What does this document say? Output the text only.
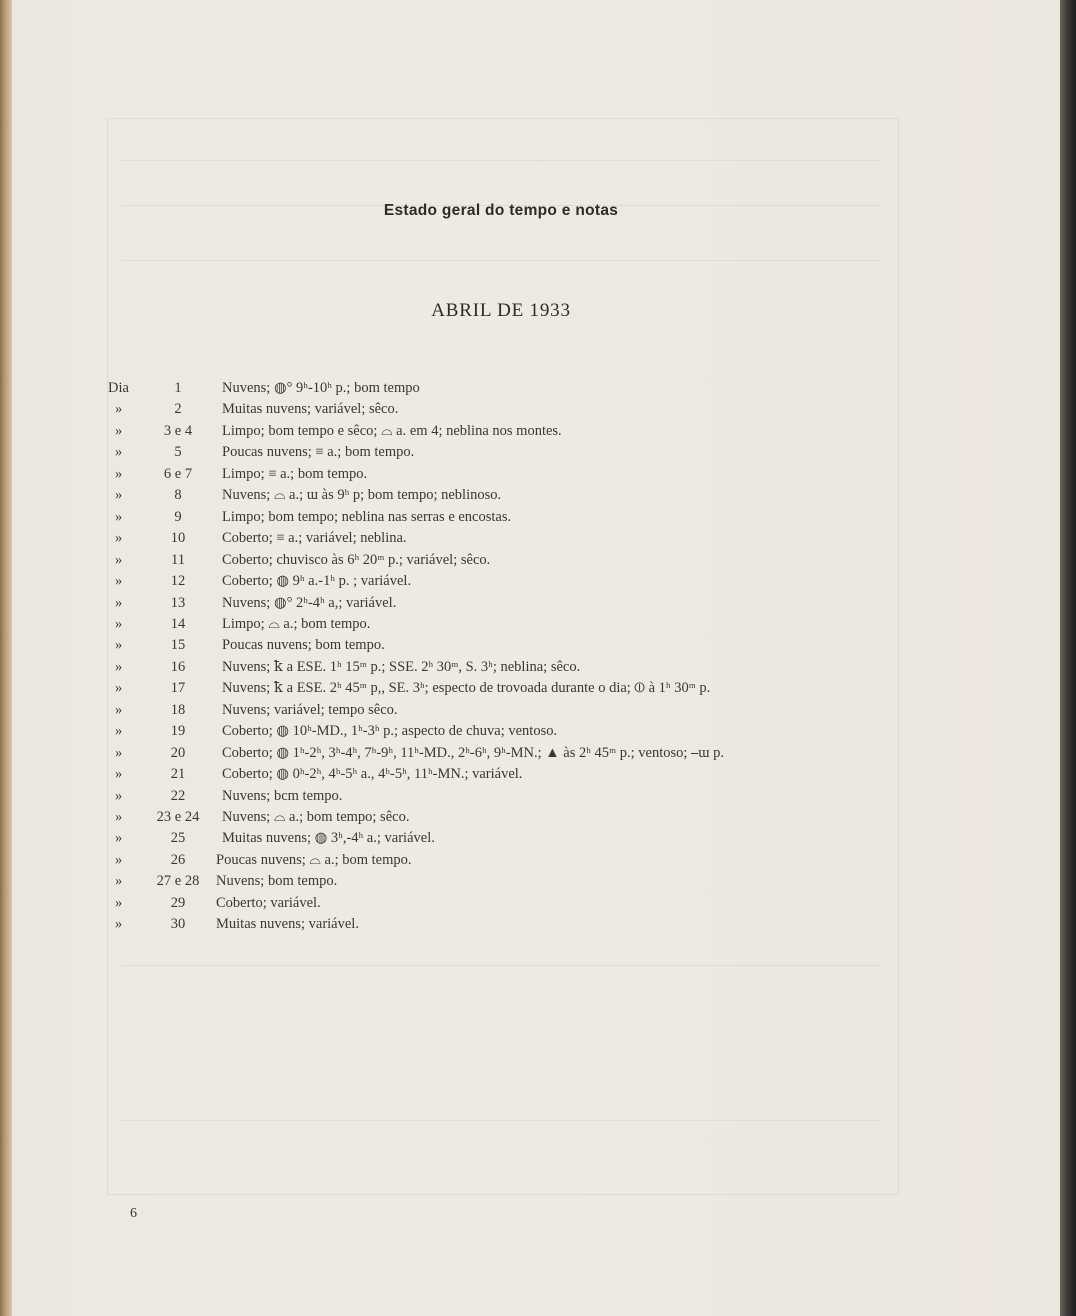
Estado geral do tempo e notas
ABRIL DE 1933
Dia	1	Nuvens; ◍° 9ʰ-10ʰ p.; bom tempo
»	2	Muitas nuvens; variável; sêco.
»	3 e 4	Limpo; bom tempo e sêco; ⌓ a. em 4; neblina nos montes.
»	5	Poucas nuvens; ≡ a.; bom tempo.
»	6 e 7	Limpo; ≡ a.; bom tempo.
»	8	Nuvens; ⌓ a.; ɯ às 9ʰ p; bom tempo; neblinoso.
»	9	Limpo; bom tempo; neblina nas serras e encostas.
»	10	Coberto; ≡ a.; variável; neblina.
»	11	Coberto; chuvisco às 6ʰ 20ᵐ p.; variável; sêco.
»	12	Coberto; ◍ 9ʰ a.-1ʰ p. ; variável.
»	13	Nuvens; ◍° 2ʰ-4ʰ a,; variável.
»	14	Limpo; ⌓ a.; bom tempo.
»	15	Poucas nuvens; bom tempo.
»	16	Nuvens; ꝁ a ESE. 1ʰ 15ᵐ p.; SSE. 2ʰ 30ᵐ, S. 3ʰ; neblina; sêco.
»	17	Nuvens; ꝁ a ESE. 2ʰ 45ᵐ p,, SE. 3ʰ; especto de trovoada durante o dia; ⦶ à 1ʰ 30ᵐ p.
»	18	Nuvens; variável; tempo sêco.
»	19	Coberto; ◍ 10ʰ-MD., 1ʰ-3ʰ p.; aspecto de chuva; ventoso.
»	20	Coberto; ◍ 1ʰ-2ʰ, 3ʰ-4ʰ, 7ʰ-9ʰ, 11ʰ-MD., 2ʰ-6ʰ, 9ʰ-MN.; ▲ às 2ʰ 45ᵐ p.; ventoso; ⎯ɯ p.
»	21	Coberto; ◍ 0ʰ-2ʰ, 4ʰ-5ʰ a., 4ʰ-5ʰ, 11ʰ-MN.; variável.
»	22	Nuvens; bcm tempo.
»	23 e 24	Nuvens; ⌓ a.; bom tempo; sêco.
»	25	Muitas nuvens; ◍ 3ʰ,-4ʰ a.; variável.
»	26	Poucas nuvens; ⌓ a.; bom tempo.
»	27 e 28	Nuvens; bom tempo.
»	29	Coberto; variável.
»	30	Muitas nuvens; variável.
6
